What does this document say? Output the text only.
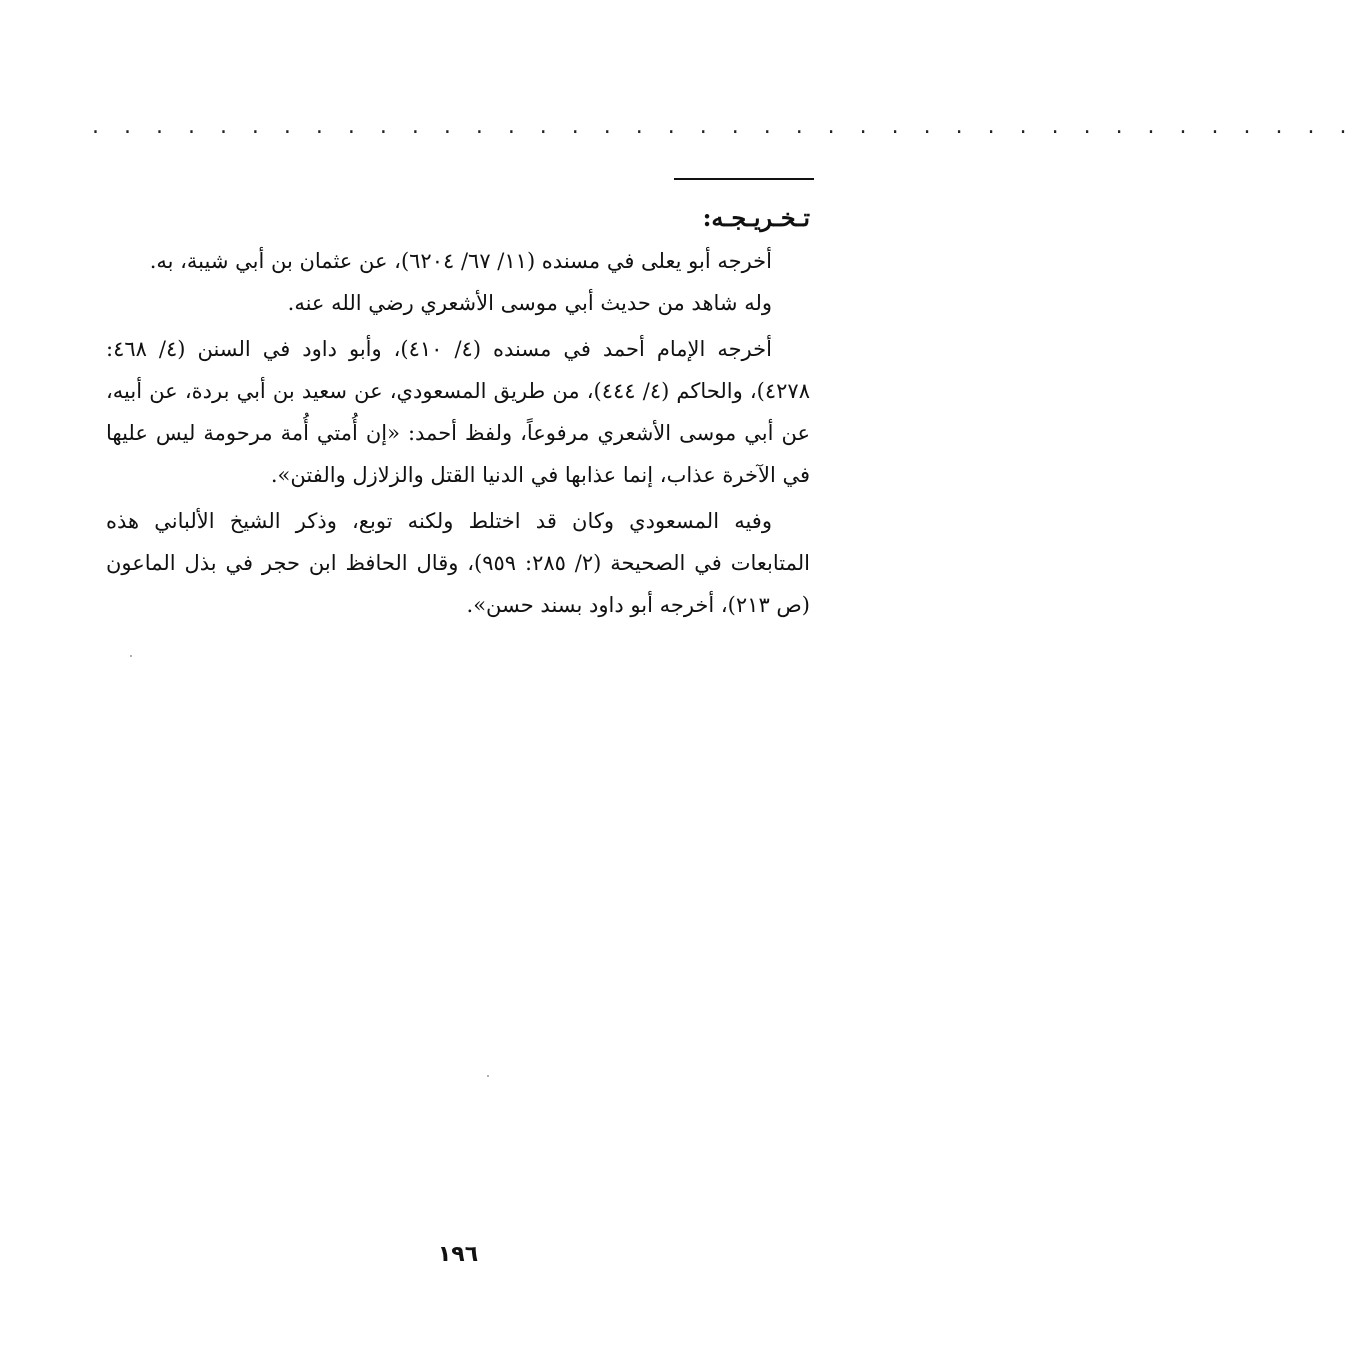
. . . . . . . . . . . . . . . . . . . . . . . . . . . . . . . . . . . . . . . .

تـخـريـجـه:

أخرجه أبو يعلى في مسنده (١١/ ٦٧/ ٦٢٠٤)، عن عثمان بن أبي شيبة، به.

وله شاهد من حديث أبي موسى الأشعري رضي الله عنه.

أخرجه الإمام أحمد في مسنده (٤/ ٤١٠)، وأبو داود في السنن (٤/ ٤٦٨: ٤٢٧٨)، والحاكم (٤/ ٤٤٤)، من طريق المسعودي، عن سعيد بن أبي بردة، عن أبيه، عن أبي موسى الأشعري مرفوعاً، ولفظ أحمد: «إن أُمتي أُمة مرحومة ليس عليها في الآخرة عذاب، إنما عذابها في الدنيا القتل والزلازل والفتن».

وفيه المسعودي وكان قد اختلط ولكنه توبع، وذكر الشيخ الألباني هذه المتابعات في الصحيحة (٢/ ٢٨٥: ٩٥٩)، وقال الحافظ ابن حجر في بذل الماعون (ص ٢١٣)، أخرجه أبو داود بسند حسن».

١٩٦
